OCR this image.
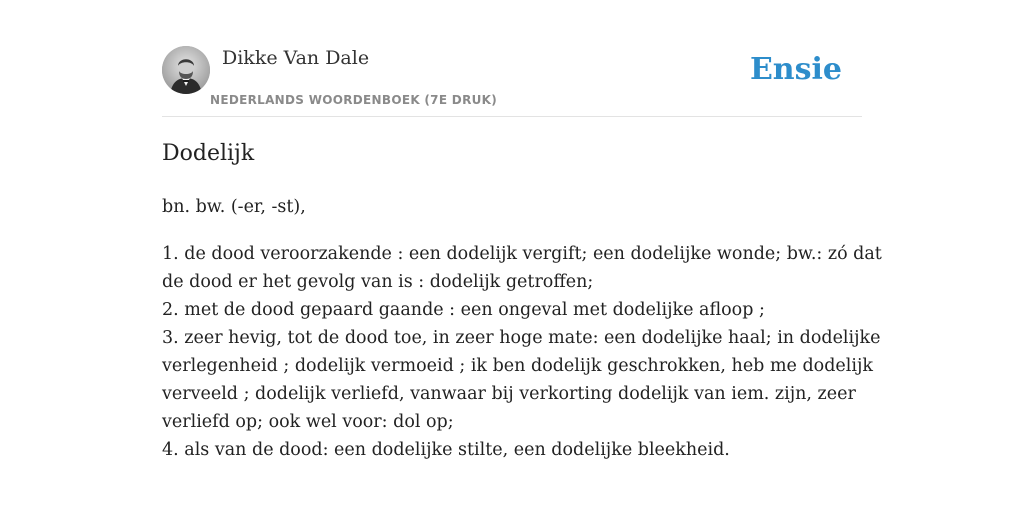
Dikke Van Dale
NEDERLANDS WOORDENBOEK (7E DRUK)
Ensie
Dodelijk
bn. bw. (-er, -st),
1. de dood veroorzakende : een dodelijk vergift; een dodelijke wonde; bw.: zó dat
de dood er het gevolg van is : dodelijk getroffen;
2. met de dood gepaard gaande : een ongeval met dodelijke afloop ;
3. zeer hevig, tot de dood toe, in zeer hoge mate: een dodelijke haal; in dodelijke
verlegenheid ; dodelijk vermoeid ; ik ben dodelijk geschrokken, heb me dodelijk
verveeld ; dodelijk verliefd, vanwaar bij verkorting dodelijk van iem. zijn, zeer
verliefd op; ook wel voor: dol op;
4. als van de dood: een dodelijke stilte, een dodelijke bleekheid.
